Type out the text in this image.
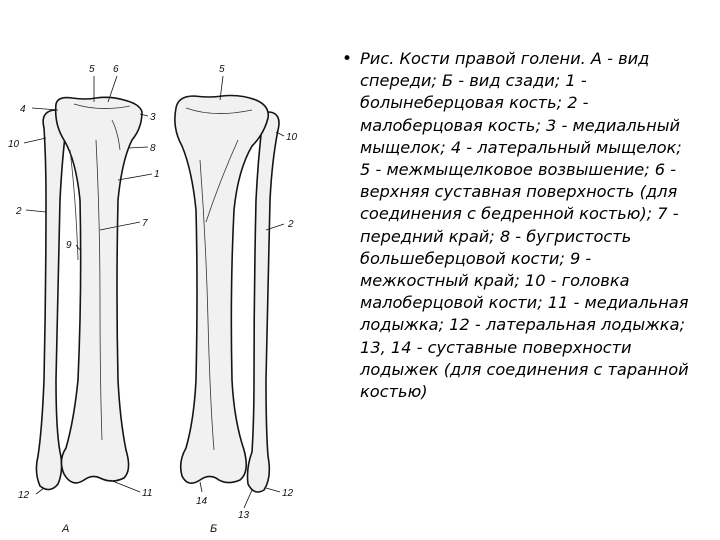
5 6
4
3
10	8
1
2
7
9
12	11
5
10
2
14
12
13
А	Б
• Рис. Кости правой голени. А - вид спереди; Б - вид сзади; 1 - болынеберцовая кость; 2 - малоберцовая кость; 3 - медиальный мыщелок; 4 - латеральный мыщелок; 5 - межмыщелковое возвышение; 6 - верхняя суставная поверхность (для соединения с бедренной костью); 7 - передний край; 8 - бугристость большеберцовой кости; 9 - межкостный край; 10 - головка малоберцовой кости; 11 - медиальная лодыжка; 12 - латеральная лодыжка; 13, 14 - суставные поверхности лодыжек (для соединения с таранной костью)
